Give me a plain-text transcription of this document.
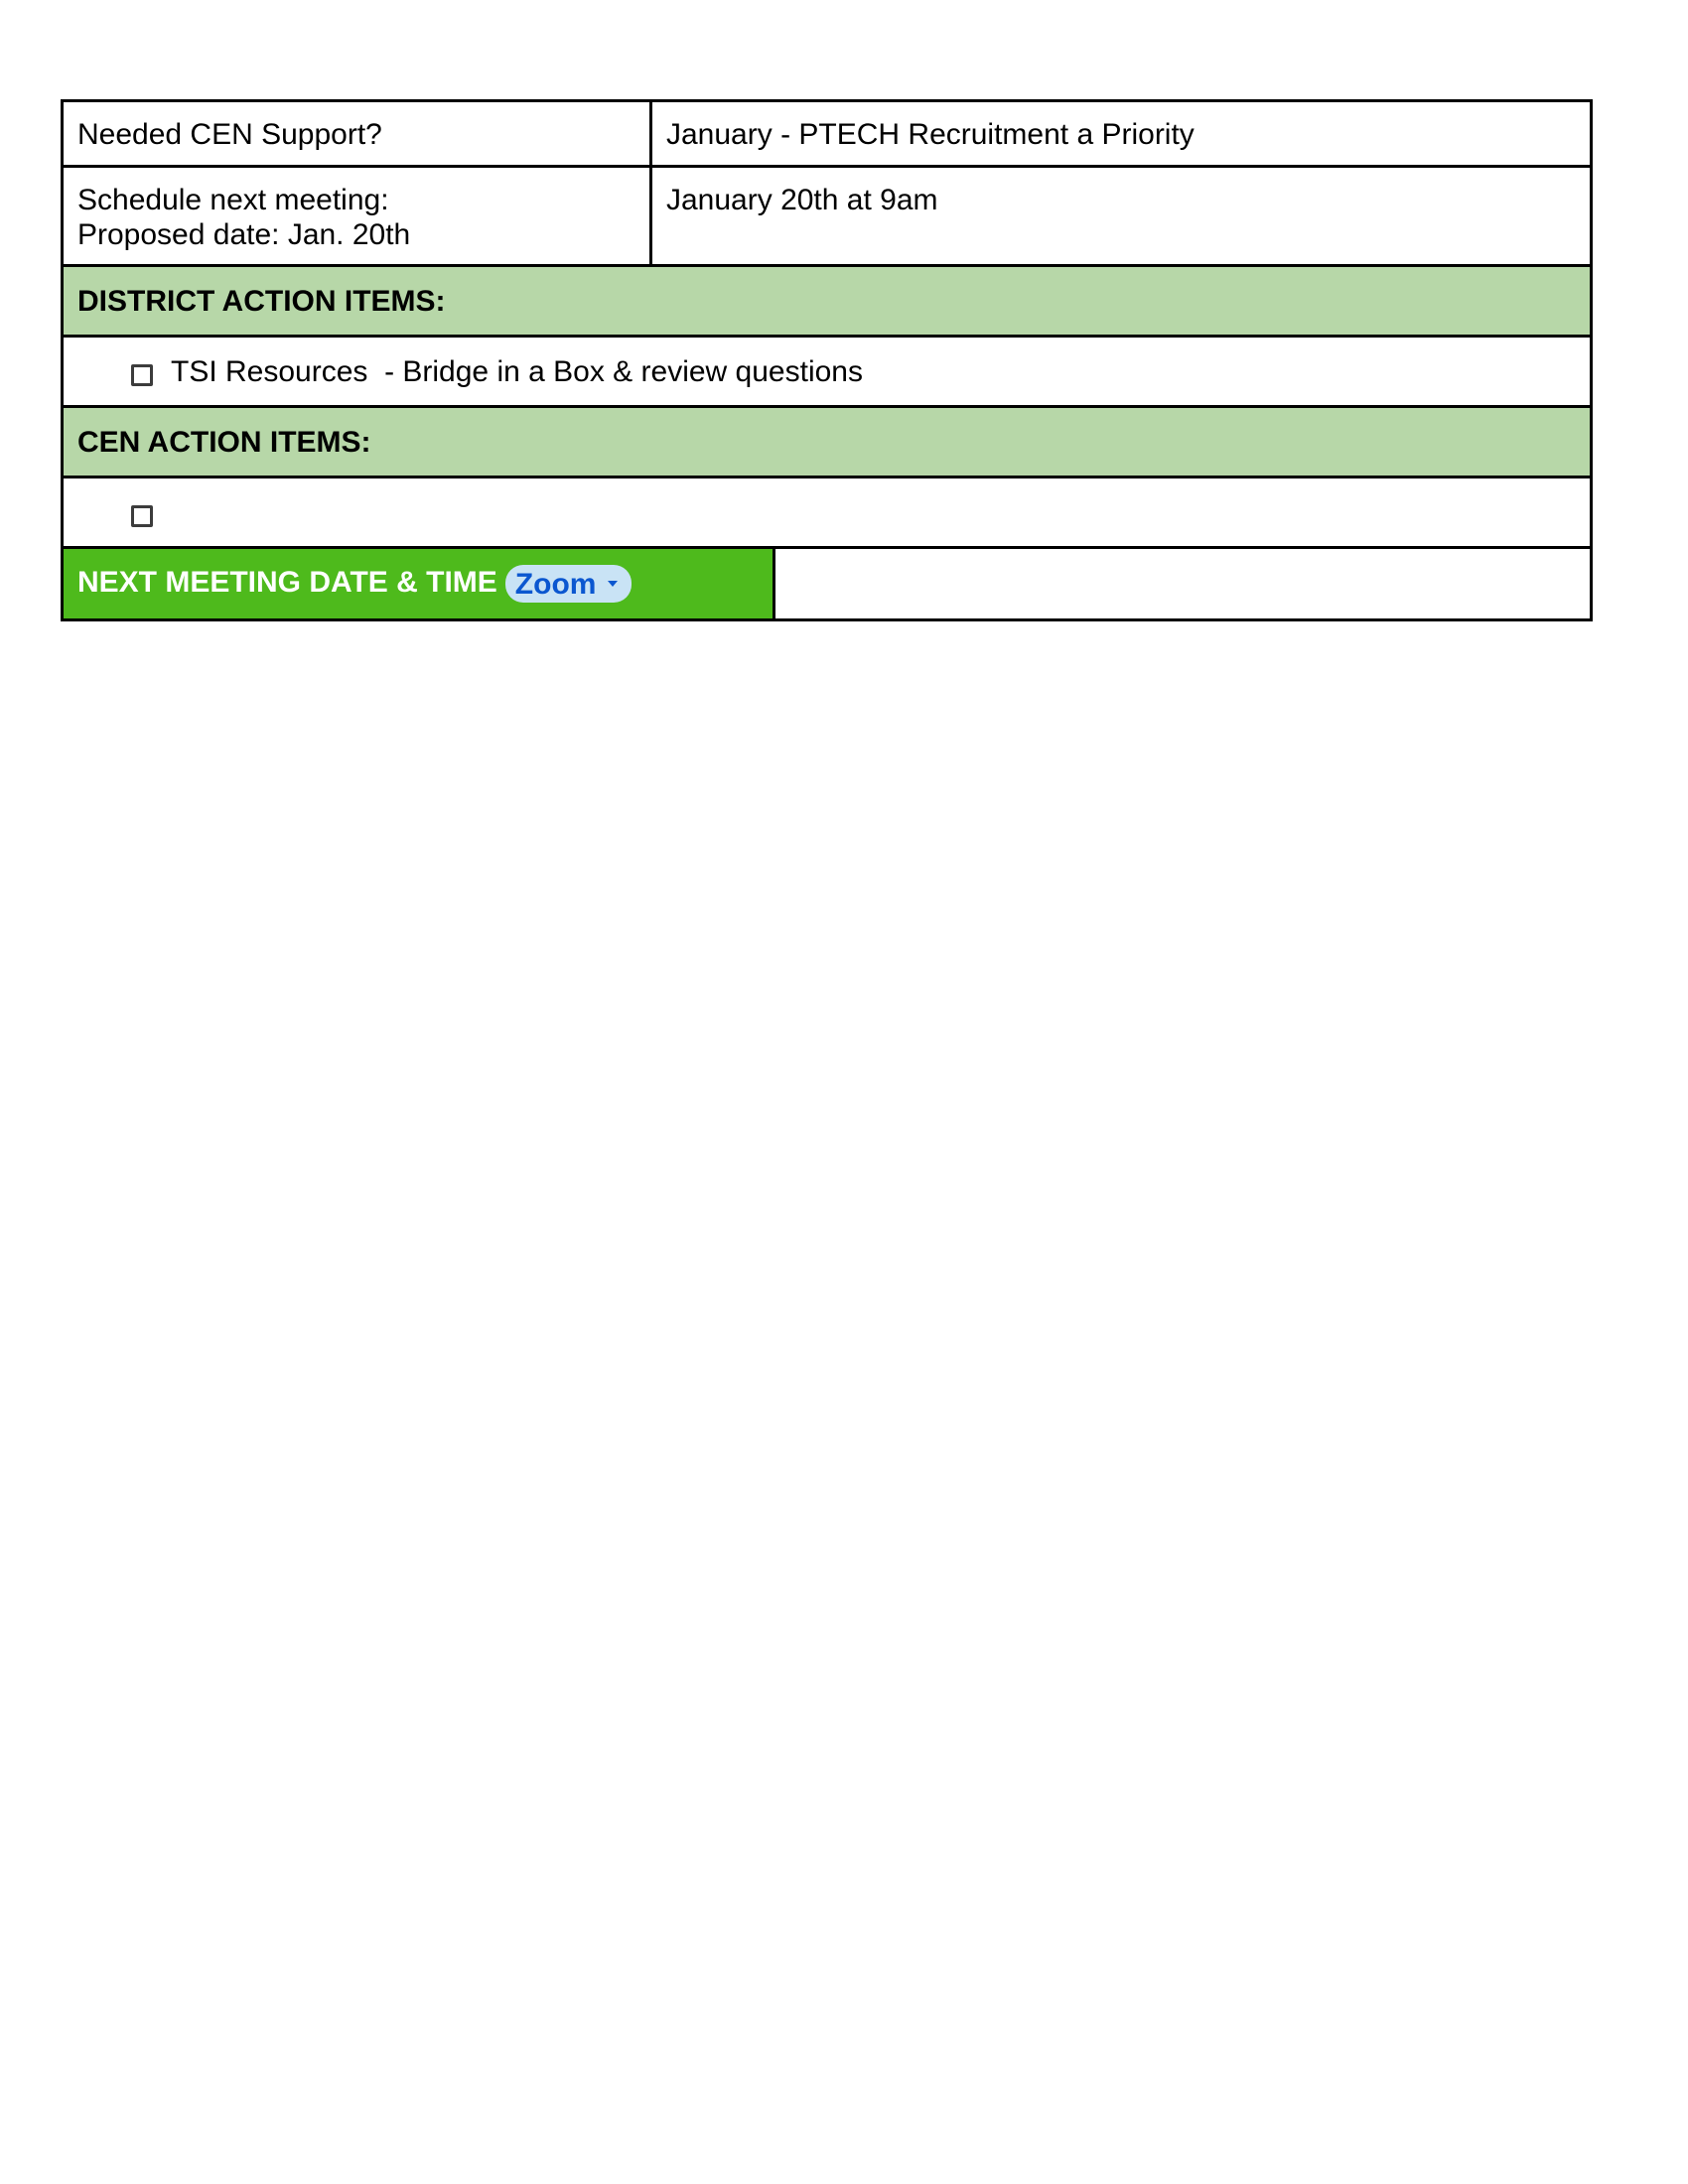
Needed CEN Support?	January - PTECH Recruitment a Priority	

Schedule next meeting:
Proposed date: Jan. 20th	January 20th at 9am	
DISTRICT ACTION ITEMS:		
TSI Resources  - Bridge in a Box & review questions		
CEN ACTION ITEMS:		

NEXT MEETING DATE & TIME Zoom		
